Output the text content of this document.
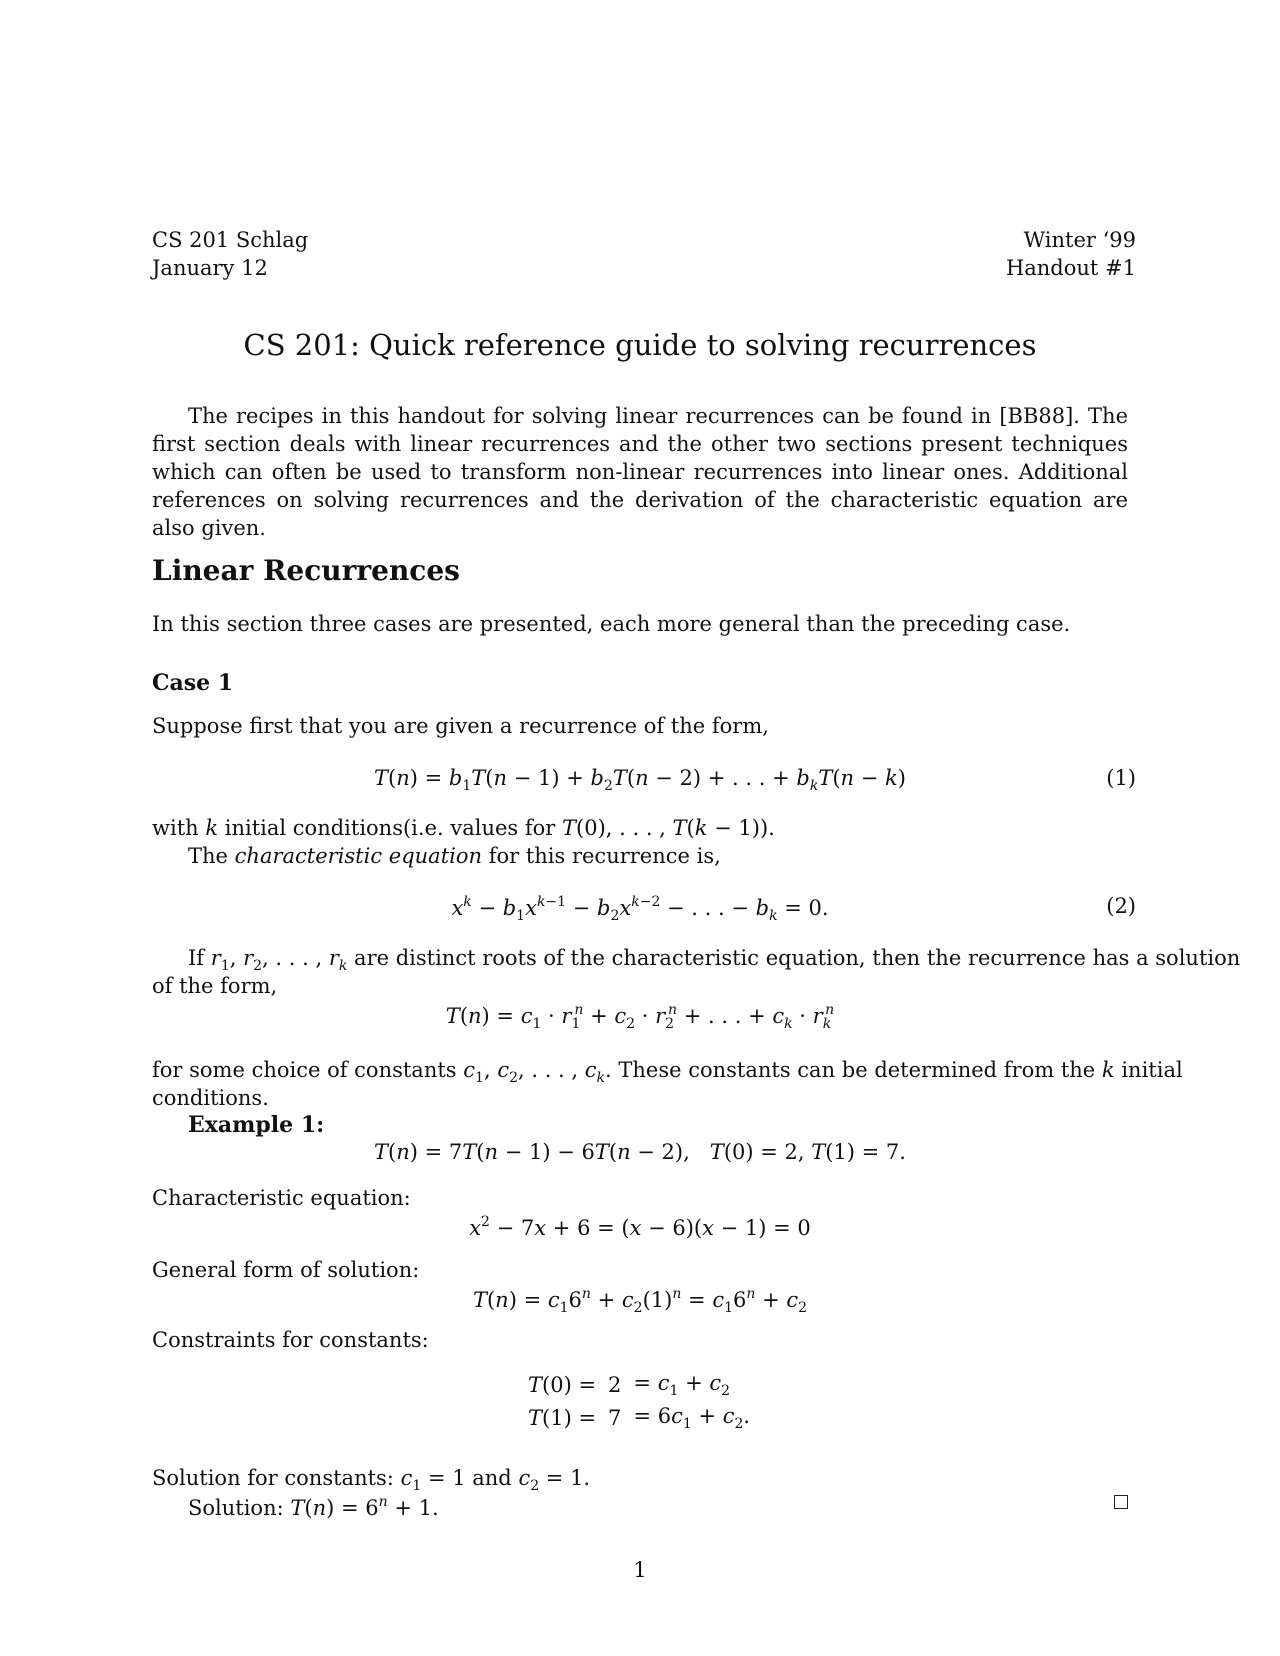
CS 201 Schlag
January 12
Winter ‘99
Handout #1
CS 201: Quick reference guide to solving recurrences
The recipes in this handout for solving linear recurrences can be found in [BB88]. The first section deals with linear recurrences and the other two sections present techniques which can often be used to transform non-linear recurrences into linear ones. Additional references on solving recurrences and the derivation of the characteristic equation are also given.
Linear Recurrences
In this section three cases are presented, each more general than the preceding case.
Case 1
Suppose first that you are given a recurrence of the form,
$T(n) = b_1T(n - 1) + b_2T(n - 2)$ + . . . + $b_kT(n - k)$	(1)
with k initial conditions(i.e. values for T(0), . . . , T(k − 1)).
The characteristic equation for this recurrence is,
$x^k - b_1x^{k-1} - b_2x^{k-2}$ − . . . − $b_k = 0$.	(2)
If $r_1$, $r_2$, . . . , $r_k$ are distinct roots of the characteristic equation, then the recurrence has a solution
of the form,
$T(n) = c_1 \cdot r_1^n + c_2 \cdot r_2^n$ + . . . + $c_k \cdot r_k^n$
for some choice of constants $c_1$, $c_2$, . . . , $c_k$. These constants can be determined from the k initial
conditions.
Example 1:
T(n) = 7T(n − 1) − 6T(n − 2),   T(0) = 2, T(1) = 7.
Characteristic equation:
$x^2 - 7x + 6 = (x - 6)(x - 1) = 0$
General form of solution:
$T(n) = c_16^n + c_2(1)^n = c_16^n + c_2$
Constraints for constants:
T(0) =	2	= $c_1 + c_2$
T(1) =	7	= $6c_1 + c_2$.
Solution for constants: $c_1 = 1$ and $c_2 = 1$.
Solution: $T(n) = 6^n + 1$.
1
